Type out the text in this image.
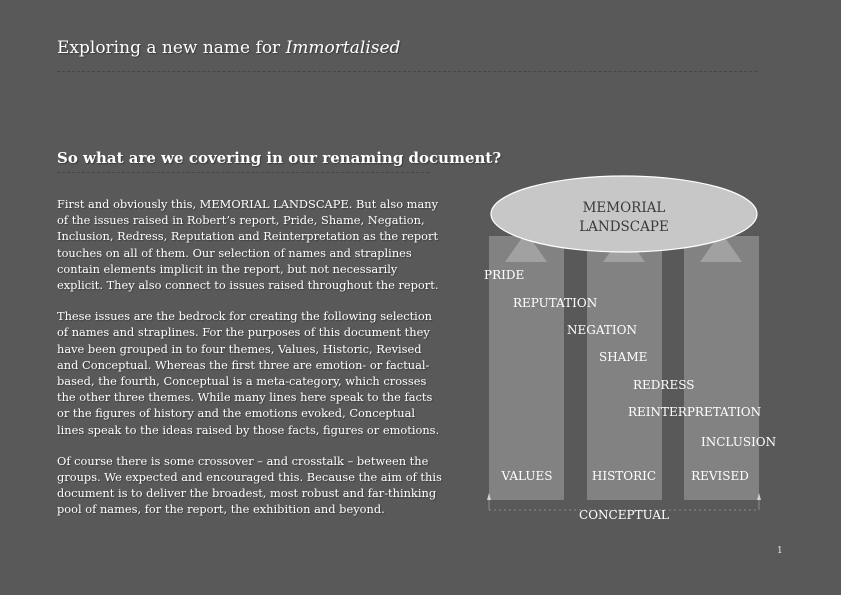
Exploring a new name for Immortalised
So what are we covering in our renaming document?

First and obviously this, MEMORIAL LANDSCAPE. But also many of the issues raised in Robert’s report, Pride, Shame, Negation, Inclusion, Redress, Reputation and Reinterpretation as the report touches on all of them. Our selection of names and straplines contain elements implicit in the report, but not necessarily explicit. They also connect to issues raised throughout the report.

These issues are the bedrock for creating the following selection of names and straplines. For the purposes of this document they have been grouped in to four themes, Values, Historic, Revised and Conceptual. Whereas the first three are emotion- or factual-based, the fourth, Conceptual is a meta-category, which crosses the other three themes. While many lines here speak to the facts or the figures of history and the emotions evoked, Conceptual lines speak to the ideas raised by those facts, figures or emotions.

Of course there is some crossover – and crosstalk – between the groups. We expected and encouraged this. Because the aim of this document is to deliver the broadest, most robust and far-thinking pool of names, for the report, the exhibition and beyond.

MEMORIAL
LANDSCAPE
PRIDE
REPUTATION
NEGATION
SHAME
REDRESS
REINTERPRETATION
INCLUSION
VALUES	HISTORIC	REVISED
CONCEPTUAL
1
